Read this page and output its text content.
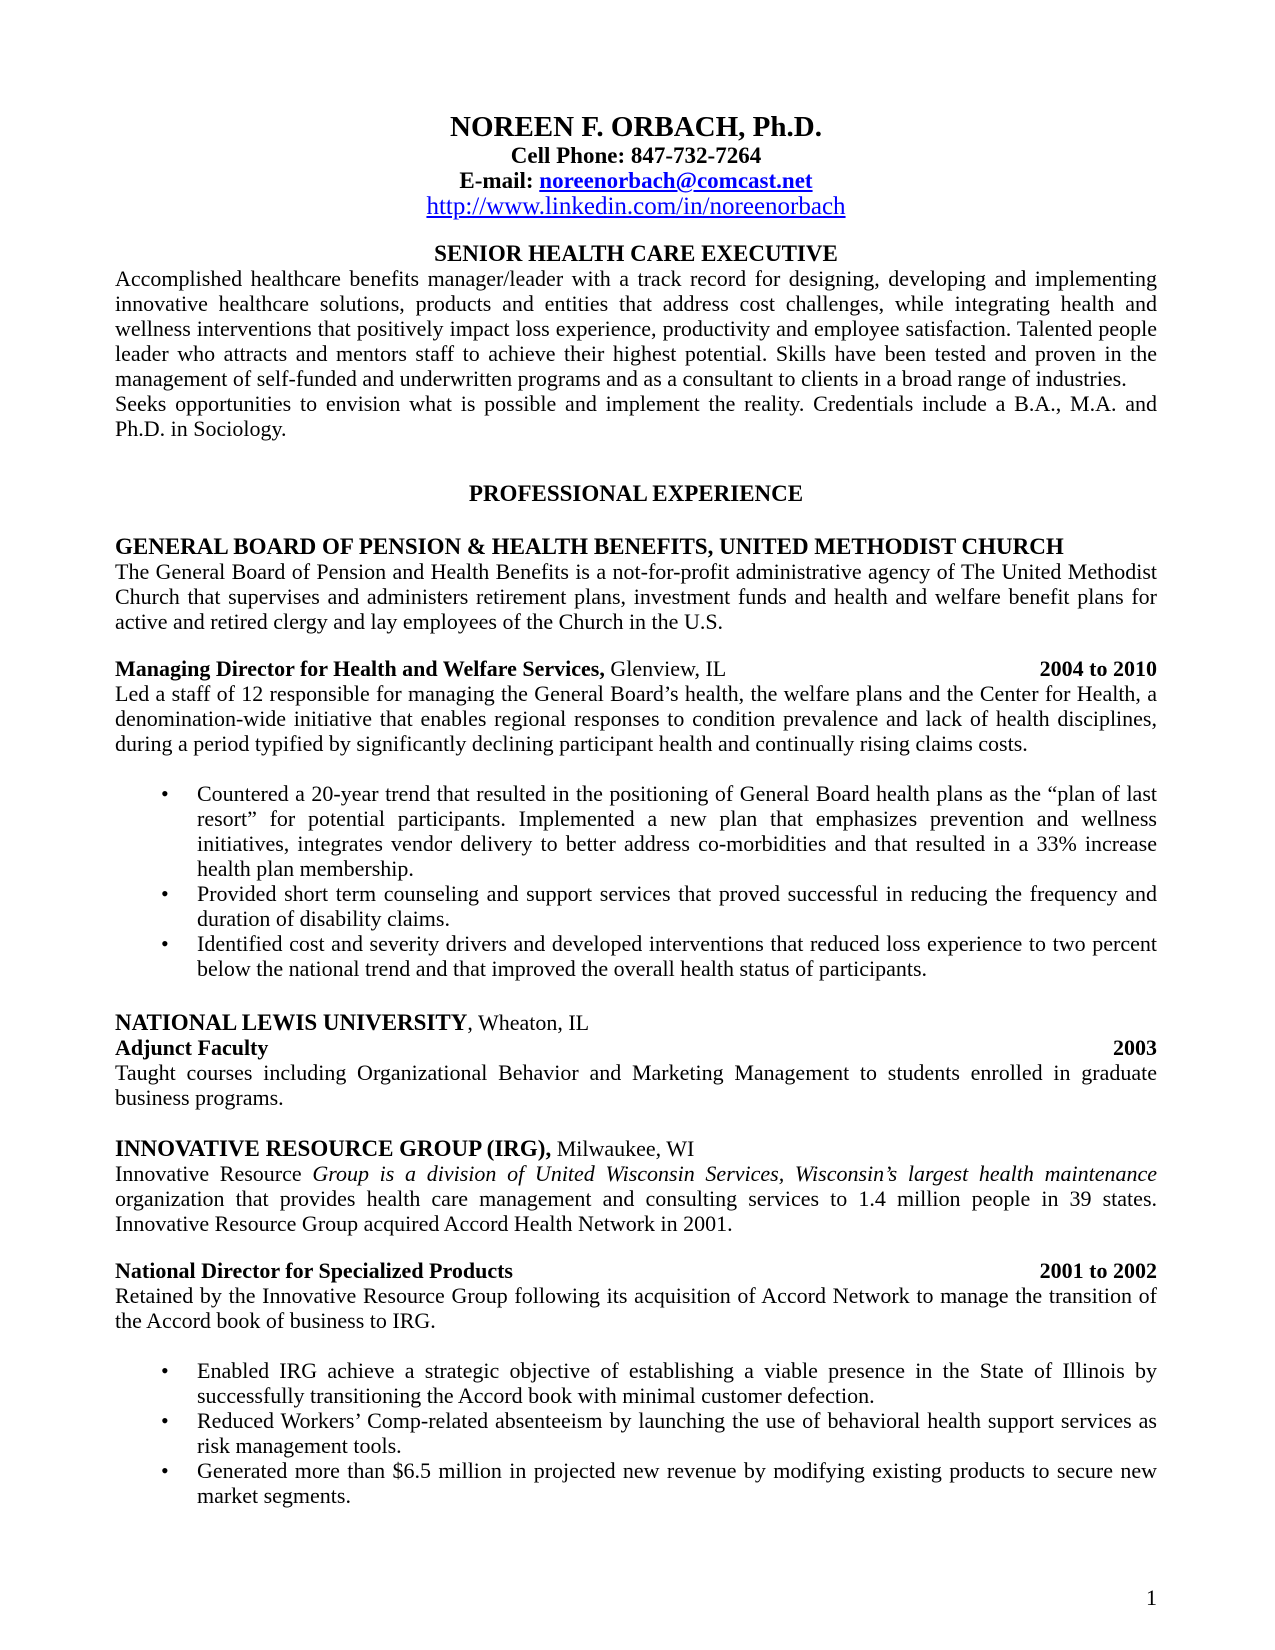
NOREEN F. ORBACH, Ph.D.
Cell Phone: 847-732-7264
E-mail: noreenorbach@comcast.net
http://www.linkedin.com/in/noreenorbach
SENIOR HEALTH CARE EXECUTIVE

Accomplished healthcare benefits manager/leader with a track record for designing, developing and implementing innovative healthcare solutions, products and entities that address cost challenges, while integrating health and wellness interventions that positively impact loss experience, productivity and employee satisfaction. Talented people leader who attracts and mentors staff to achieve their highest potential. Skills have been tested and proven in the management of self-funded and underwritten programs and as a consultant to clients in a broad range of industries.

Seeks opportunities to envision what is possible and implement the reality. Credentials include a B.A., M.A. and Ph.D. in Sociology.

PROFESSIONAL EXPERIENCE
GENERAL BOARD OF PENSION & HEALTH BENEFITS, UNITED METHODIST CHURCH

The General Board of Pension and Health Benefits is a not-for-profit administrative agency of The United Methodist Church that supervises and administers retirement plans, investment funds and health and welfare benefit plans for active and retired clergy and lay employees of the Church in the U.S.

Managing Director for Health and Welfare Services, Glenview, IL	2004 to 2010

Led a staff of 12 responsible for managing the General Board’s health, the welfare plans and the Center for Health, a denomination-wide initiative that enables regional responses to condition prevalence and lack of health disciplines, during a period typified by significantly declining participant health and continually rising claims costs.

• Countered a 20-year trend that resulted in the positioning of General Board health plans as the “plan of last resort” for potential participants. Implemented a new plan that emphasizes prevention and wellness initiatives, integrates vendor delivery to better address co-morbidities and that resulted in a 33% increase health plan membership.
• Provided short term counseling and support services that proved successful in reducing the frequency and duration of disability claims.
• Identified cost and severity drivers and developed interventions that reduced loss experience to two percent below the national trend and that improved the overall health status of participants.
NATIONAL LEWIS UNIVERSITY, Wheaton, IL
Adjunct Faculty	2003

Taught courses including Organizational Behavior and Marketing Management to students enrolled in graduate business programs.

INNOVATIVE RESOURCE GROUP (IRG), Milwaukee, WI

Innovative Resource Group is a division of United Wisconsin Services, Wisconsin’s largest health maintenance organization that provides health care management and consulting services to 1.4 million people in 39 states. Innovative Resource Group acquired Accord Health Network in 2001.

National Director for Specialized Products	2001 to 2002

Retained by the Innovative Resource Group following its acquisition of Accord Network to manage the transition of the Accord book of business to IRG.

• Enabled IRG achieve a strategic objective of establishing a viable presence in the State of Illinois by successfully transitioning the Accord book with minimal customer defection.
• Reduced Workers’ Comp-related absenteeism by launching the use of behavioral health support services as risk management tools.
• Generated more than $6.5 million in projected new revenue by modifying existing products to secure new market segments.
1
